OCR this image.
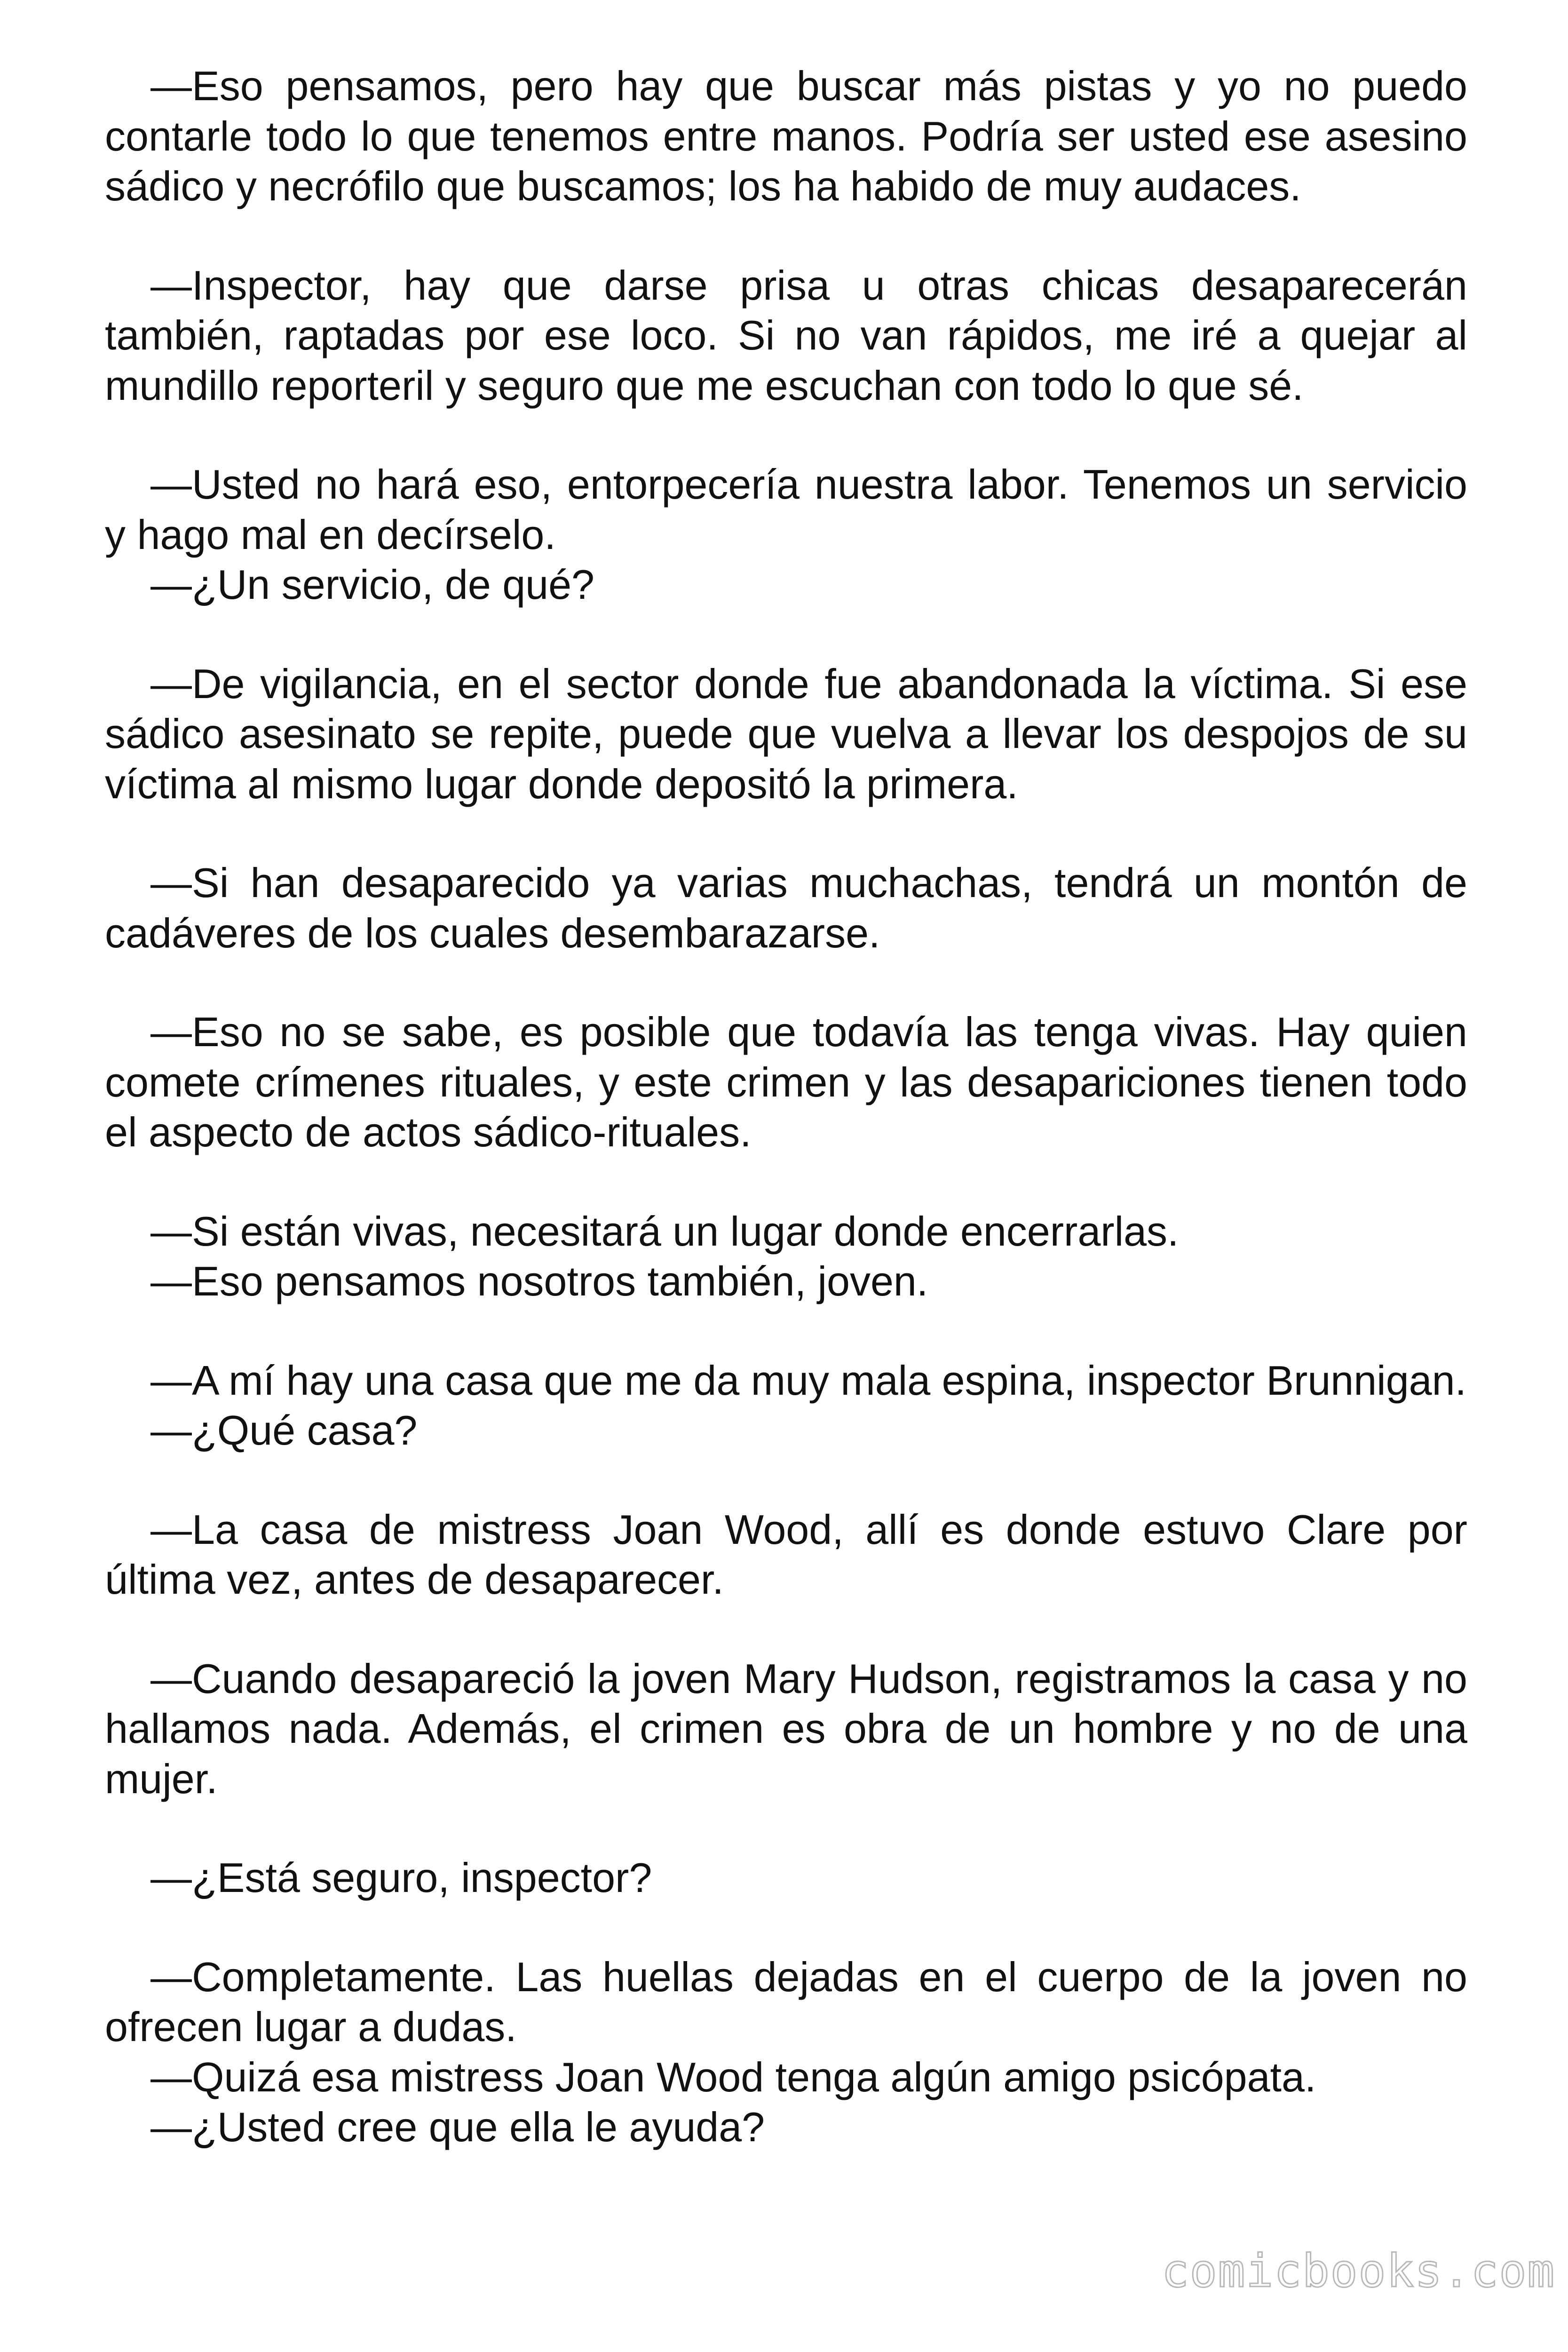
—Eso pensamos, pero hay que buscar más pistas y yo no puedo contarle todo lo que tenemos entre manos. Podría ser usted ese asesino sádico y necrófilo que buscamos; los ha habido de muy audaces.

—Inspector, hay que darse prisa u otras chicas desaparecerán también, raptadas por ese loco. Si no van rápidos, me iré a quejar al mundillo reporteril y seguro que me escuchan con todo lo que sé.

—Usted no hará eso, entorpecería nuestra labor. Tenemos un servicio y hago mal en decírselo.

—¿Un servicio, de qué?

—De vigilancia, en el sector donde fue abandonada la víctima. Si ese sádico asesinato se repite, puede que vuelva a llevar los despojos de su víctima al mismo lugar donde depositó la primera.

—Si han desaparecido ya varias muchachas, tendrá un montón de cadáveres de los cuales desembarazarse.

—Eso no se sabe, es posible que todavía las tenga vivas. Hay quien comete crímenes rituales, y este crimen y las desapariciones tienen todo el aspecto de actos sádico-rituales.

—Si están vivas, necesitará un lugar donde encerrarlas.

—Eso pensamos nosotros también, joven.

—A mí hay una casa que me da muy mala espina, inspector Brunnigan.

—¿Qué casa?

—La casa de mistress Joan Wood, allí es donde estuvo Clare por última vez, antes de desaparecer.

—Cuando desapareció la joven Mary Hudson, registramos la casa y no hallamos nada. Además, el crimen es obra de un hombre y no de una mujer.

—¿Está seguro, inspector?

—Completamente. Las huellas dejadas en el cuerpo de la joven no ofrecen lugar a dudas.

—Quizá esa mistress Joan Wood tenga algún amigo psicópata.

—¿Usted cree que ella le ayuda?

comicbooks.com
